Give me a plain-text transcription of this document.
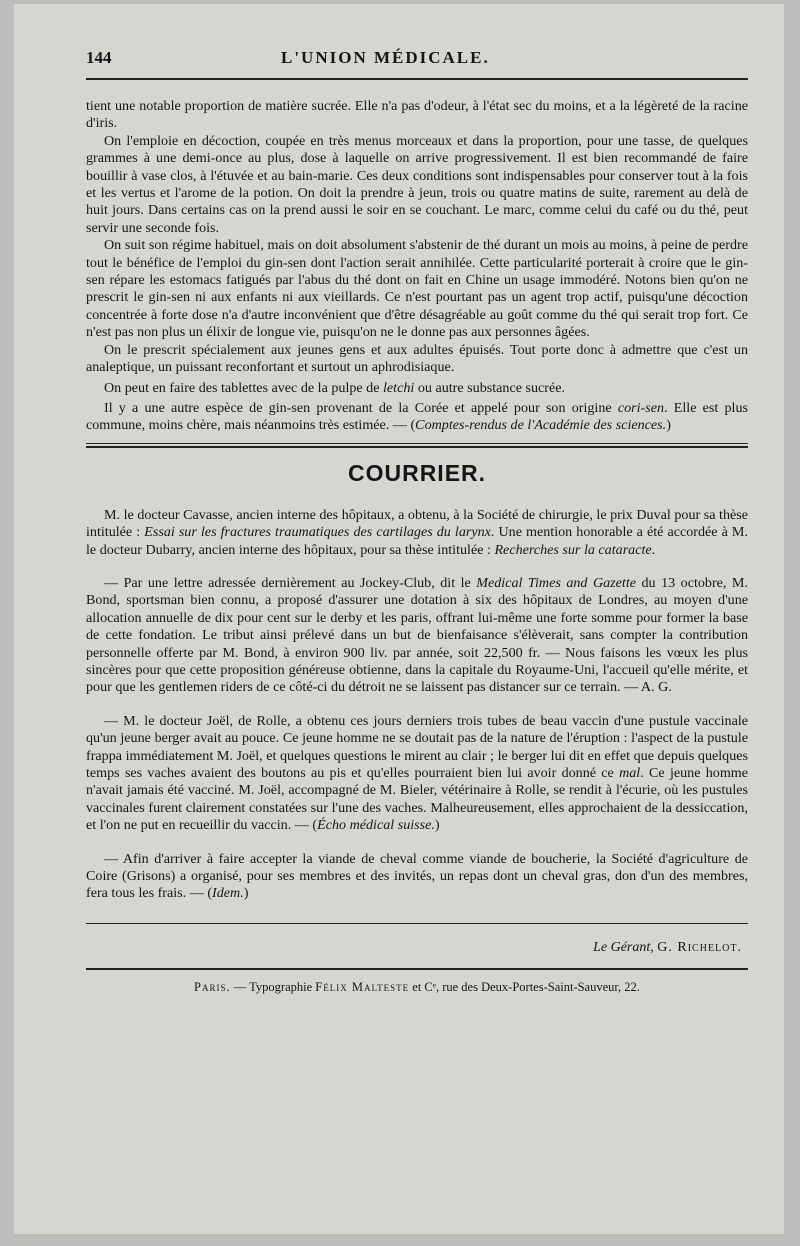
144	L'UNION MÉDICALE.

tient une notable proportion de matière sucrée. Elle n'a pas d'odeur, à l'état sec du moins, et a la légèreté de la racine d'iris.

On l'emploie en décoction, coupée en très menus morceaux et dans la proportion, pour une tasse, de quelques grammes à une demi-once au plus, dose à laquelle on arrive progressivement. Il est bien recommandé de faire bouillir à vase clos, à l'étuvée et au bain-marie. Ces deux conditions sont indispensables pour conserver tout à la fois et les vertus et l'arome de la potion. On doit la prendre à jeun, trois ou quatre matins de suite, rarement au delà de huit jours. Dans certains cas on la prend aussi le soir en se couchant. Le marc, comme celui du café ou du thé, peut servir une seconde fois.

On suit son régime habituel, mais on doit absolument s'abstenir de thé durant un mois au moins, à peine de perdre tout le bénéfice de l'emploi du gin-sen dont l'action serait annihilée. Cette particularité porterait à croire que le gin-sen répare les estomacs fatigués par l'abus du thé dont on fait en Chine un usage immodéré. Notons bien qu'on ne prescrit le gin-sen ni aux enfants ni aux vieillards. Ce n'est pourtant pas un agent trop actif, puisqu'une décoction concentrée à forte dose n'a d'autre inconvénient que d'être désagréable au goût comme du thé qui serait trop fort. Ce n'est pas non plus un élixir de longue vie, puisqu'on ne le donne pas aux personnes âgées.

On le prescrit spécialement aux jeunes gens et aux adultes épuisés. Tout porte donc à admettre que c'est un analeptique, un puissant reconfortant et surtout un aphrodisiaque.

On peut en faire des tablettes avec de la pulpe de letchi ou autre substance sucrée.

Il y a une autre espèce de gin-sen provenant de la Corée et appelé pour son origine cori-sen. Elle est plus commune, moins chère, mais néanmoins très estimée. — (Comptes-rendus de l'Académie des sciences.)

COURRIER.

M. le docteur Cavasse, ancien interne des hôpitaux, a obtenu, à la Société de chirurgie, le prix Duval pour sa thèse intitulée : Essai sur les fractures traumatiques des cartilages du larynx. Une mention honorable a été accordée à M. le docteur Dubarry, ancien interne des hôpitaux, pour sa thèse intitulée : Recherches sur la cataracte.

— Par une lettre adressée dernièrement au Jockey-Club, dit le Medical Times and Gazette du 13 octobre, M. Bond, sportsman bien connu, a proposé d'assurer une dotation à six des hôpitaux de Londres, au moyen d'une allocation annuelle de dix pour cent sur le derby et les paris, offrant lui-même une forte somme pour former la base de cette fondation. Le tribut ainsi prélevé dans un but de bienfaisance s'élèverait, sans compter la contribution personnelle offerte par M. Bond, à environ 900 liv. par année, soit 22,500 fr. — Nous faisons les vœux les plus sincères pour que cette proposition généreuse obtienne, dans la capitale du Royaume-Uni, l'accueil qu'elle mérite, et pour que les gentlemen riders de ce côté-ci du détroit ne se laissent pas distancer sur ce terrain. — A. G.

— M. le docteur Joël, de Rolle, a obtenu ces jours derniers trois tubes de beau vaccin d'une pustule vaccinale qu'un jeune berger avait au pouce. Ce jeune homme ne se doutait pas de la nature de l'éruption : l'aspect de la pustule frappa immédiatement M. Joël, et quelques questions le mirent au clair ; le berger lui dit en effet que depuis quelques temps ses vaches avaient des boutons au pis et qu'elles pourraient bien lui avoir donné ce mal. Ce jeune homme n'avait jamais été vacciné. M. Joël, accompagné de M. Bieler, vétérinaire à Rolle, se rendit à l'écurie, où les pustules vaccinales furent clairement constatées sur l'une des vaches. Malheureusement, elles approchaient de la dessiccation, et l'on ne put en recueillir du vaccin. — (Écho médical suisse.)

— Afin d'arriver à faire accepter la viande de cheval comme viande de boucherie, la Société d'agriculture de Coire (Grisons) a organisé, pour ses membres et des invités, un repas dont un cheval gras, don d'un des membres, fera tous les frais. — (Idem.)

Le Gérant, G. Richelot.
Paris. — Typographie Félix Malteste et Cᵉ, rue des Deux-Portes-Saint-Sauveur, 22.
